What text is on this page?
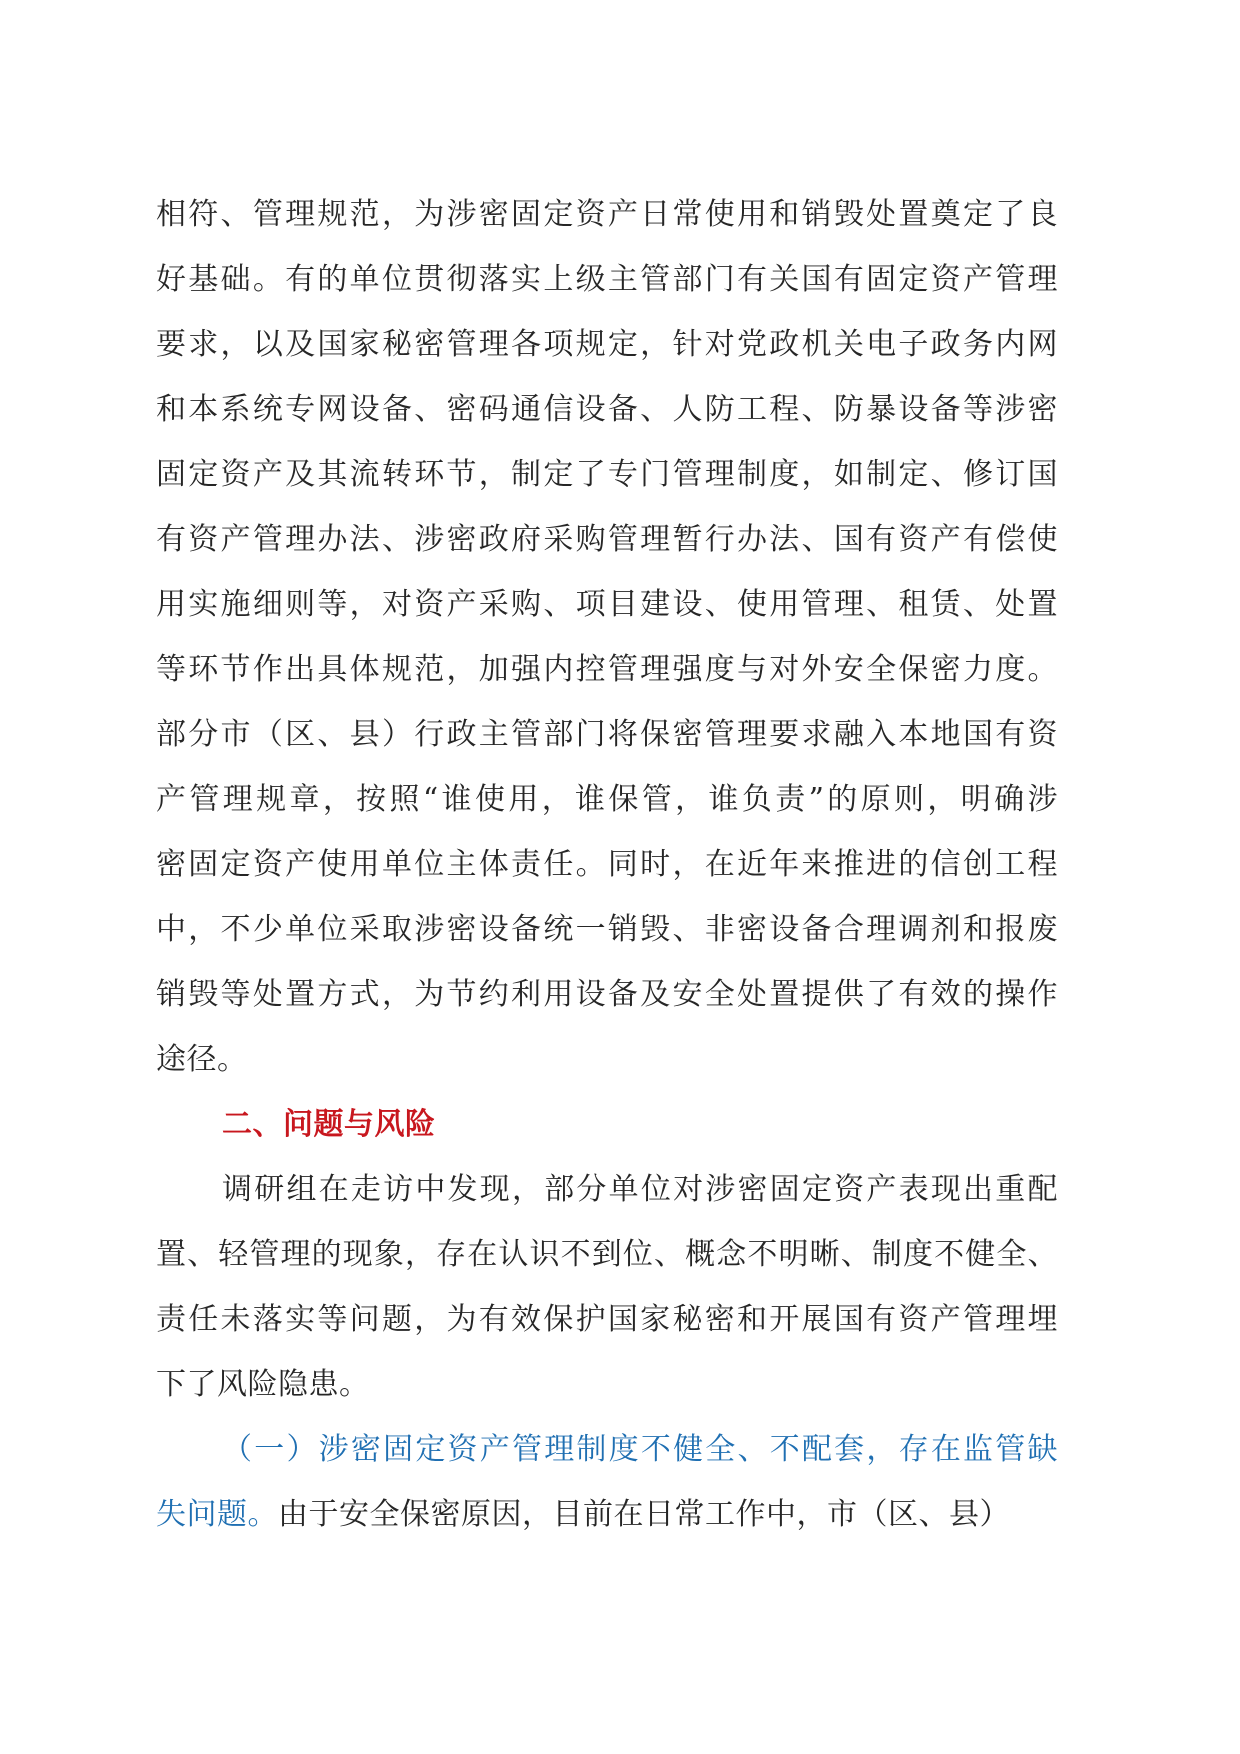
相符、管理规范，为涉密固定资产日常使用和销毁处置奠定了良
好基础。有的单位贯彻落实上级主管部门有关国有固定资产管理
要求，以及国家秘密管理各项规定，针对党政机关电子政务内网
和本系统专网设备、密码通信设备、人防工程、防暴设备等涉密
固定资产及其流转环节，制定了专门管理制度，如制定、修订国
有资产管理办法、涉密政府采购管理暂行办法、国有资产有偿使
用实施细则等，对资产采购、项目建设、使用管理、租赁、处置
等环节作出具体规范，加强内控管理强度与对外安全保密力度。
部分市（区、县）行政主管部门将保密管理要求融入本地国有资
产管理规章，按照“谁使用，谁保管，谁负责”的原则，明确涉
密固定资产使用单位主体责任。同时，在近年来推进的信创工程
中，不少单位采取涉密设备统一销毁、非密设备合理调剂和报废
销毁等处置方式，为节约利用设备及安全处置提供了有效的操作
途径。
二、问题与风险
调研组在走访中发现，部分单位对涉密固定资产表现出重配
置、轻管理的现象，存在认识不到位、概念不明晰、制度不健全、
责任未落实等问题，为有效保护国家秘密和开展国有资产管理埋
下了风险隐患。
（一）涉密固定资产管理制度不健全、不配套，存在监管缺
失问题。由于安全保密原因，目前在日常工作中，市（区、县）
